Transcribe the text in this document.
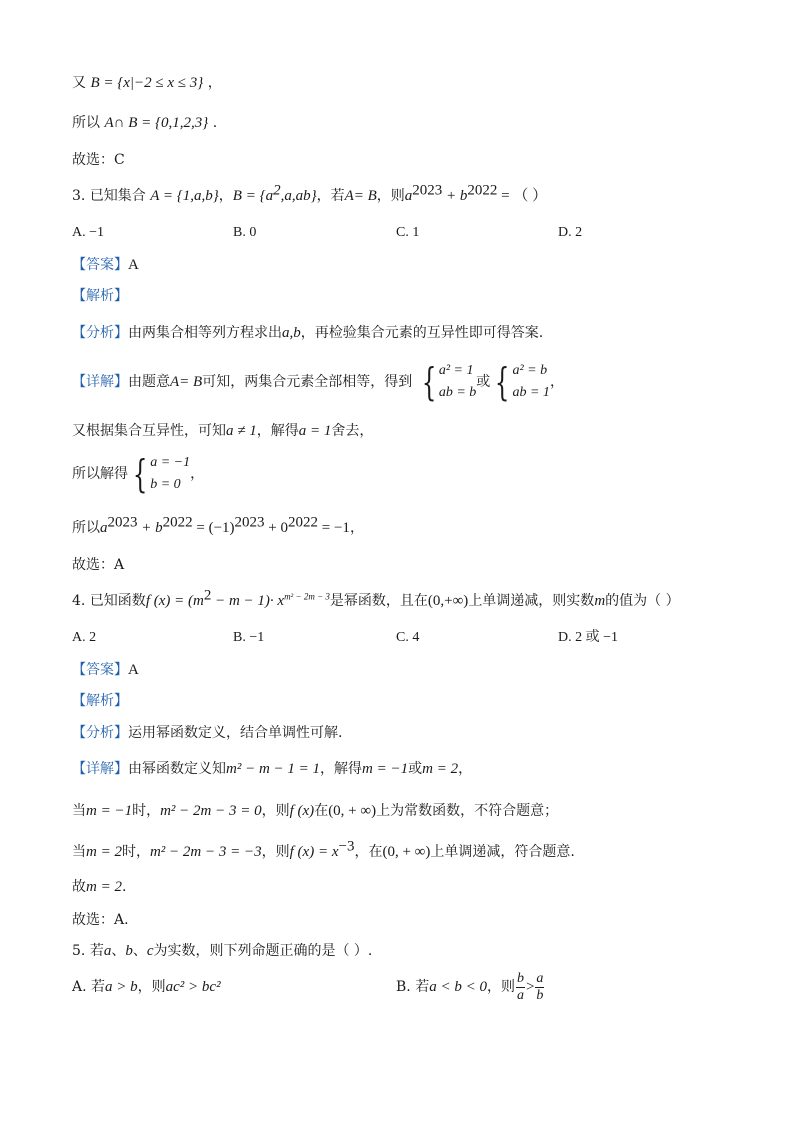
又 B = {x|−2 ≤ x ≤ 3} ，
所以 A∩ B = {0,1,2,3} .
故选：C
3. 已知集合 A = {1,a,b}，$B = \{a^2,a,ab\}$，若A= B，则$a^{2023} + b^{2022}$ = （ ）
A. −1	B. 0	C. 1	D. 2
【答案】A
【解析】
【分析】由两集合相等列方程求出a,b，再检验集合元素的互异性即可得答案.
【详解】由题意A= B可知，两集合元素全部相等，得到 { a² = 1
ab = b
或 { a² = b
ab = 1
，
又根据集合互异性，可知a ≠ 1，解得a = 1舍去，
所以解得 { a = −1
b = 0
，
所以$a^{2023} + b^{2022} = (-1)^{2023} + 0^{2022} = -1$，
故选：A
4. 已知函数f $(x) = (m^2 - m - 1)\cdot x^{m^2 - 2m - 3}$是幂函数，且在(0,+∞)上单调递减，则实数m的值为（ ）
A. 2	B. −1	C. 4	D. 2 或 −1
【答案】A
【解析】
【分析】运用幂函数定义，结合单调性可解.
【详解】由幂函数定义知m² − m − 1 = 1，解得m = −1或m = 2，
当m = −1时，m² − 2m − 3 = 0，则f (x)在(0, + ∞)上为常数函数，不符合题意；
当m = 2时，m² − 2m − 3 = −3，则f $(x) = x^{-3}$，在(0, + ∞)上单调递减，符合题意.
故m = 2.
故选：A.
5. 若a、b、c为实数，则下列命题正确的是（ ）.
A. 若a > b，则ac² > bc²	B. 若a < b < 0，则 $\frac{b}{a} > \frac{a}{b}$
